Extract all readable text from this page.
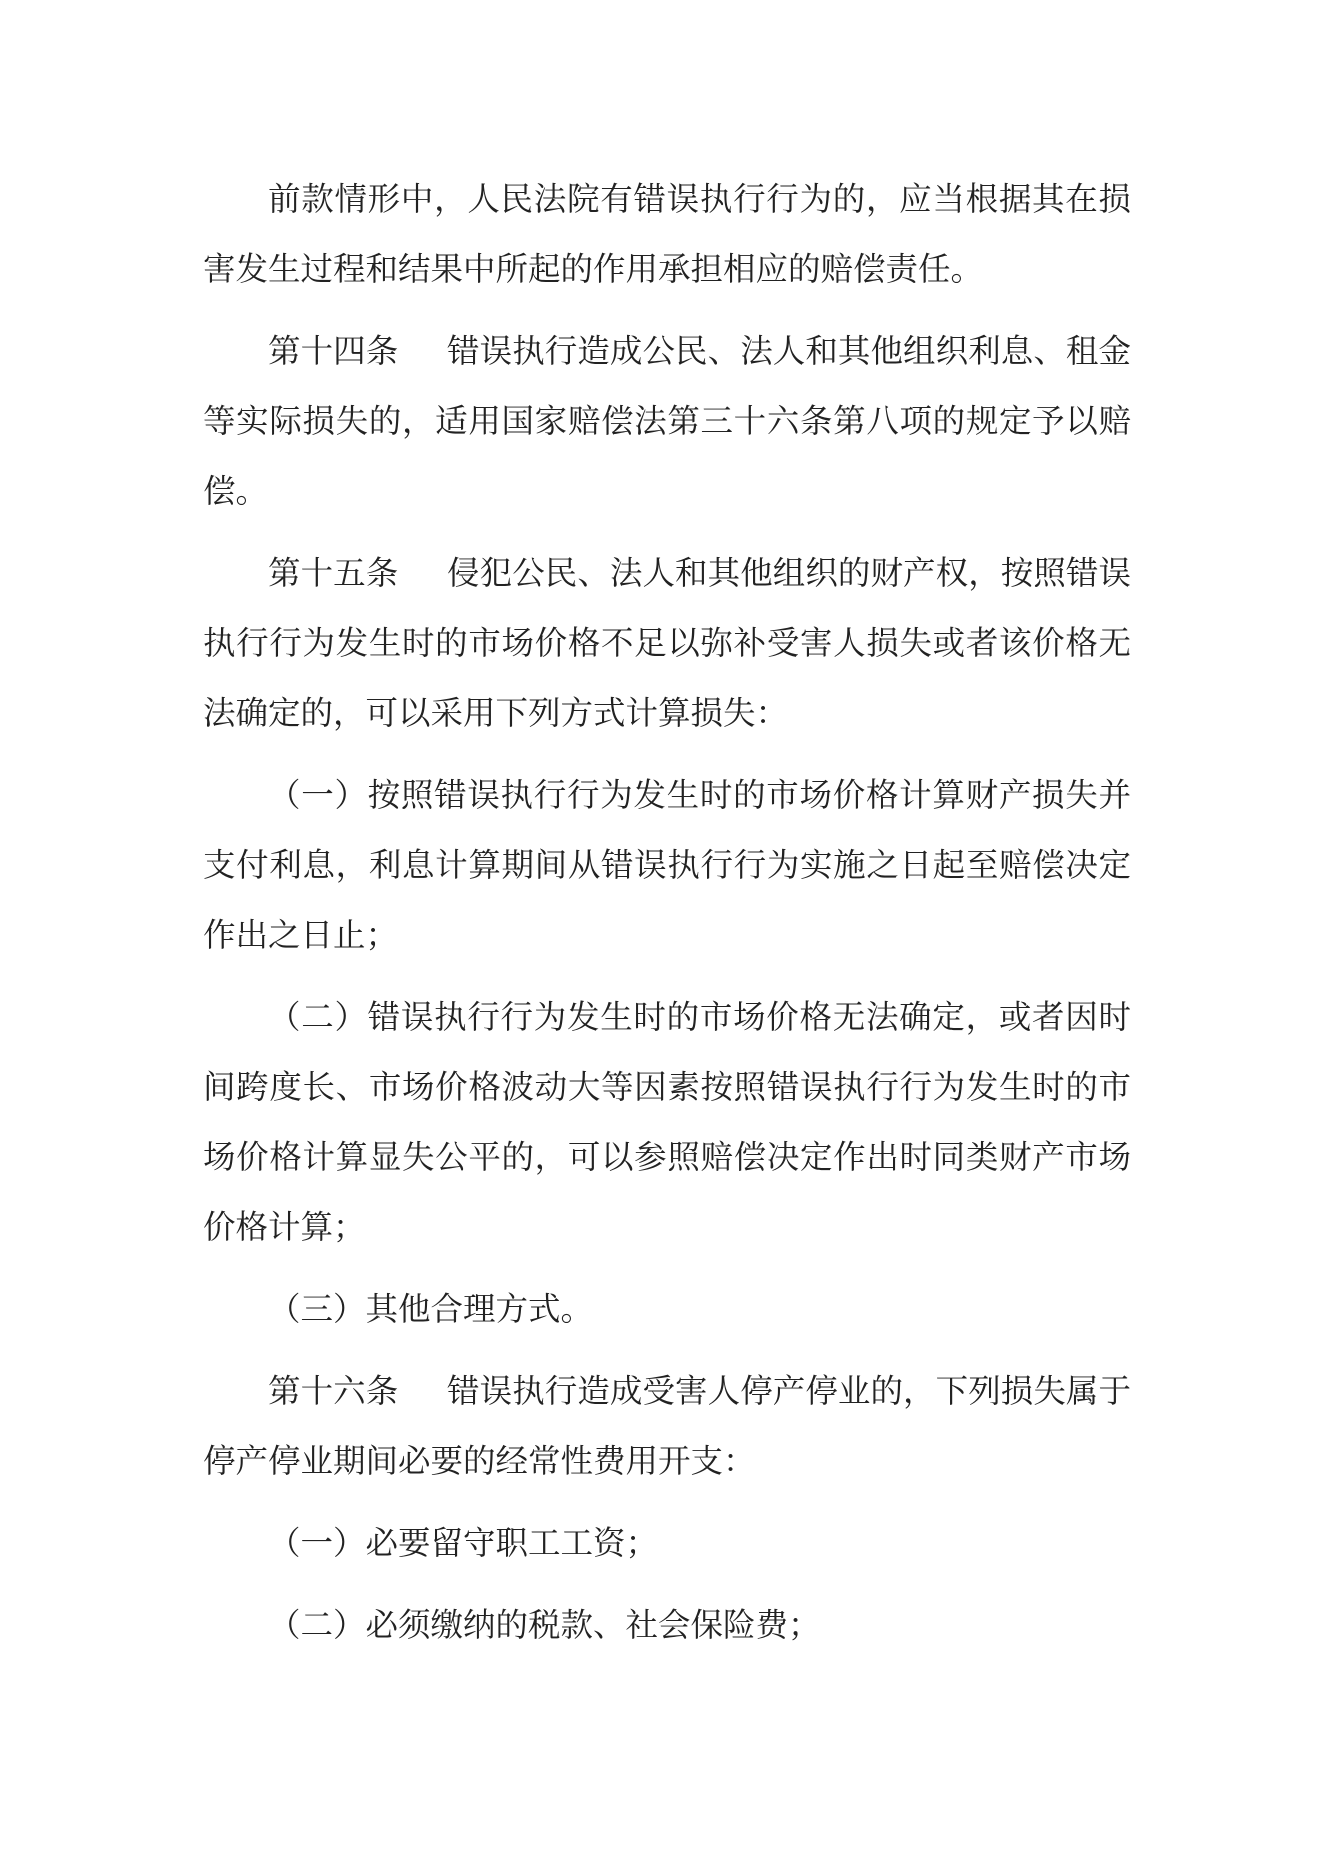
前款情形中，人民法院有错误执行行为的，应当根据其在损害发生过程和结果中所起的作用承担相应的赔偿责任。

第十四条 错误执行造成公民、法人和其他组织利息、租金等实际损失的，适用国家赔偿法第三十六条第八项的规定予以赔偿。

第十五条 侵犯公民、法人和其他组织的财产权，按照错误执行行为发生时的市场价格不足以弥补受害人损失或者该价格无法确定的，可以采用下列方式计算损失：

（一）按照错误执行行为发生时的市场价格计算财产损失并支付利息，利息计算期间从错误执行行为实施之日起至赔偿决定作出之日止；

（二）错误执行行为发生时的市场价格无法确定，或者因时间跨度长、市场价格波动大等因素按照错误执行行为发生时的市场价格计算显失公平的，可以参照赔偿决定作出时同类财产市场价格计算；

（三）其他合理方式。

第十六条 错误执行造成受害人停产停业的，下列损失属于停产停业期间必要的经常性费用开支：

（一）必要留守职工工资；

（二）必须缴纳的税款、社会保险费；
